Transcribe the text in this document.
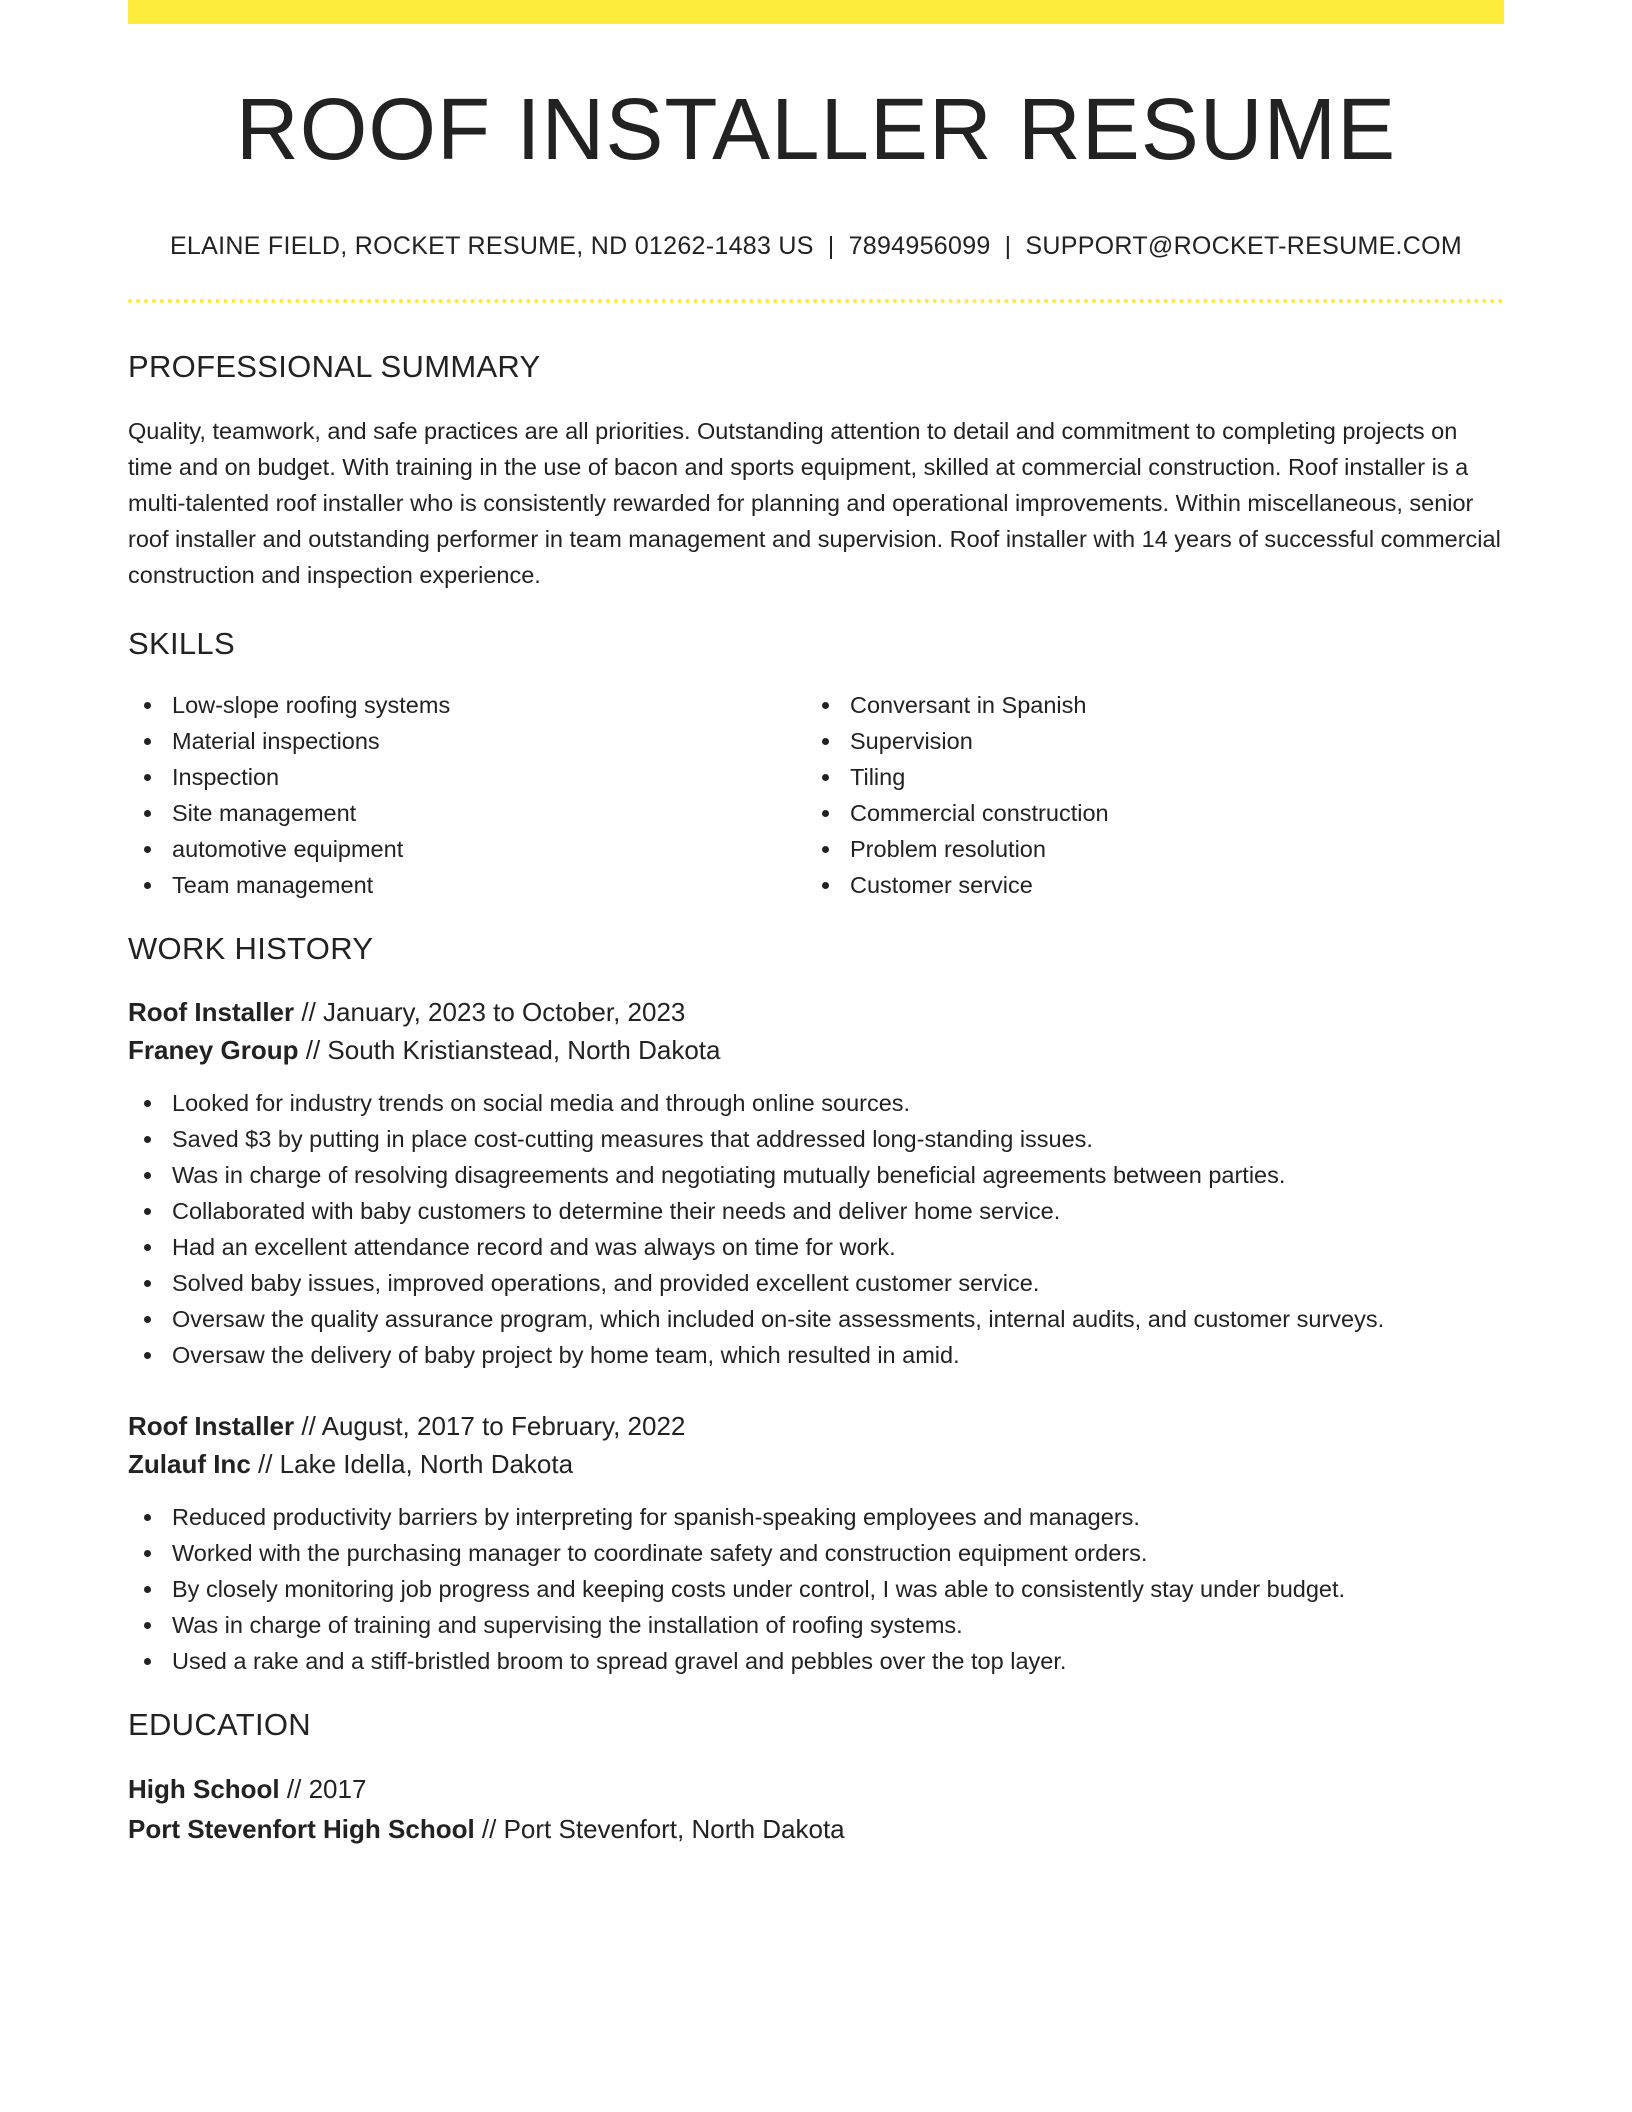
ROOF INSTALLER RESUME
ELAINE FIELD, ROCKET RESUME, ND 01262-1483 US | 7894956099 | SUPPORT@ROCKET-RESUME.COM
PROFESSIONAL SUMMARY

Quality, teamwork, and safe practices are all priorities. Outstanding attention to detail and commitment to completing projects on time and on budget. With training in the use of bacon and sports equipment, skilled at commercial construction. Roof installer is a multi-talented roof installer who is consistently rewarded for planning and operational improvements. Within miscellaneous, senior roof installer and outstanding performer in team management and supervision. Roof installer with 14 years of successful commercial construction and inspection experience.

SKILLS
Low-slope roofing systems
Material inspections
Inspection
Site management
automotive equipment
Team management
Conversant in Spanish
Supervision
Tiling
Commercial construction
Problem resolution
Customer service
WORK HISTORY
Roof Installer // January, 2023 to October, 2023
Franey Group // South Kristianstead, North Dakota
Looked for industry trends on social media and through online sources.
Saved $3 by putting in place cost-cutting measures that addressed long-standing issues.
Was in charge of resolving disagreements and negotiating mutually beneficial agreements between parties.
Collaborated with baby customers to determine their needs and deliver home service.
Had an excellent attendance record and was always on time for work.
Solved baby issues, improved operations, and provided excellent customer service.
Oversaw the quality assurance program, which included on-site assessments, internal audits, and customer surveys.
Oversaw the delivery of baby project by home team, which resulted in amid.
Roof Installer // August, 2017 to February, 2022
Zulauf Inc // Lake Idella, North Dakota
Reduced productivity barriers by interpreting for spanish-speaking employees and managers.
Worked with the purchasing manager to coordinate safety and construction equipment orders.
By closely monitoring job progress and keeping costs under control, I was able to consistently stay under budget.
Was in charge of training and supervising the installation of roofing systems.
Used a rake and a stiff-bristled broom to spread gravel and pebbles over the top layer.
EDUCATION
High School // 2017
Port Stevenfort High School // Port Stevenfort, North Dakota
